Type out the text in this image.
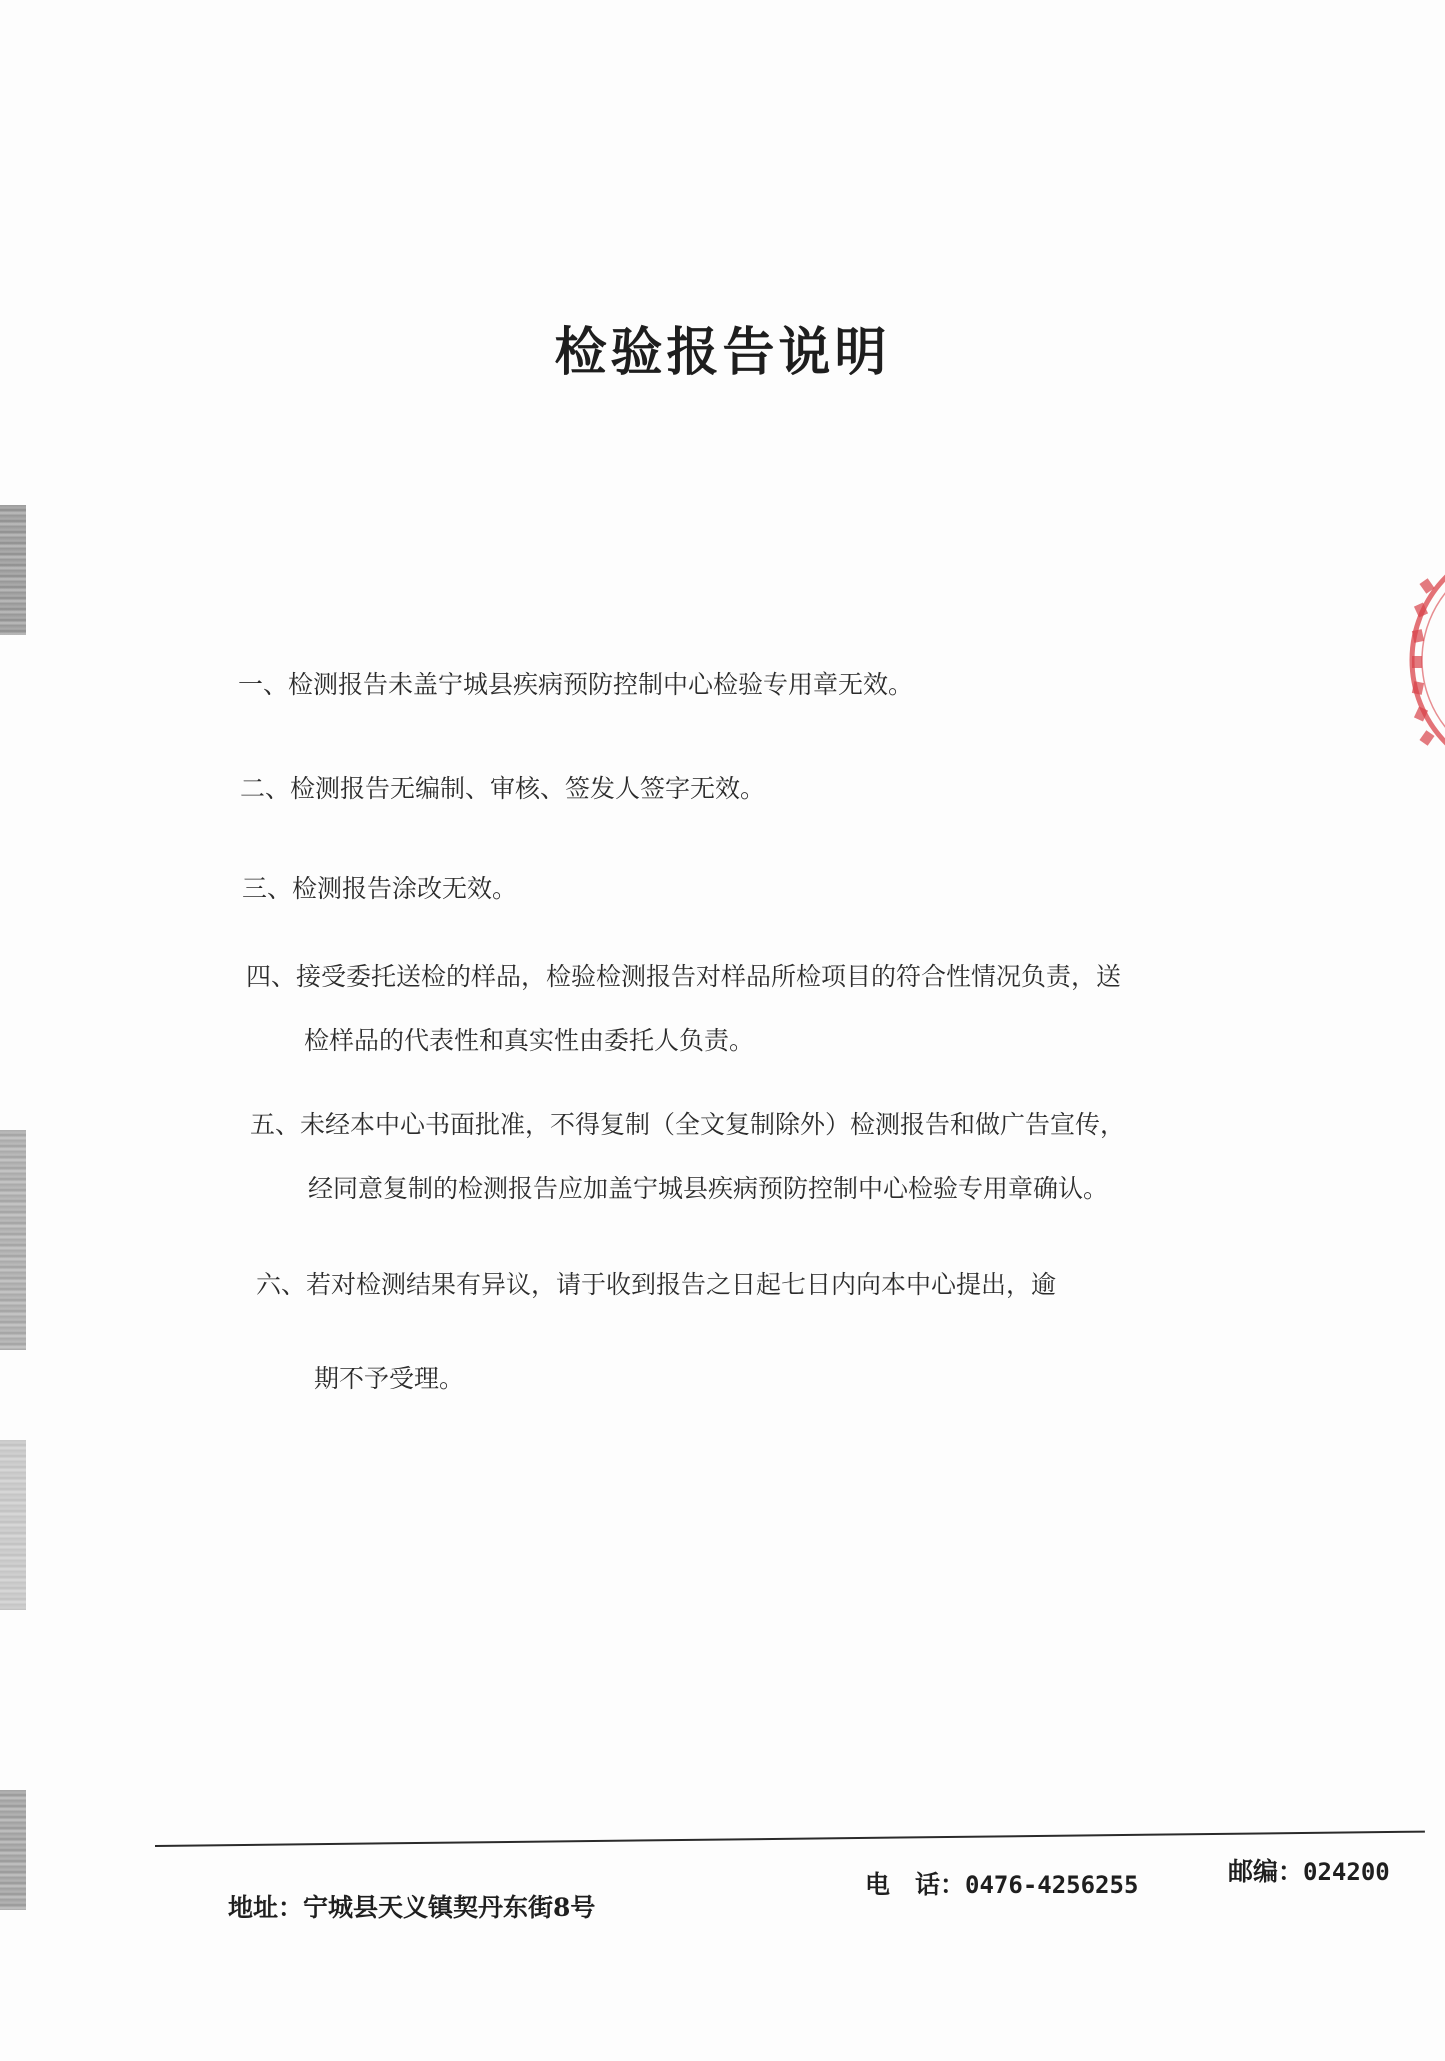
检验报告说明
一、检测报告未盖宁城县疾病预防控制中心检验专用章无效。
二、检测报告无编制、审核、签发人签字无效。
三、检测报告涂改无效。
四、接受委托送检的样品，检验检测报告对样品所检项目的符合性情况负责，送
检样品的代表性和真实性由委托人负责。
五、未经本中心书面批准，不得复制（全文复制除外）检测报告和做广告宣传，
经同意复制的检测报告应加盖宁城县疾病预防控制中心检验专用章确认。
六、若对检测结果有异议，请于收到报告之日起七日内向本中心提出，逾
期不予受理。
地址：宁城县天义镇契丹东街8号
电　话：0476-4256255	邮编：024200
